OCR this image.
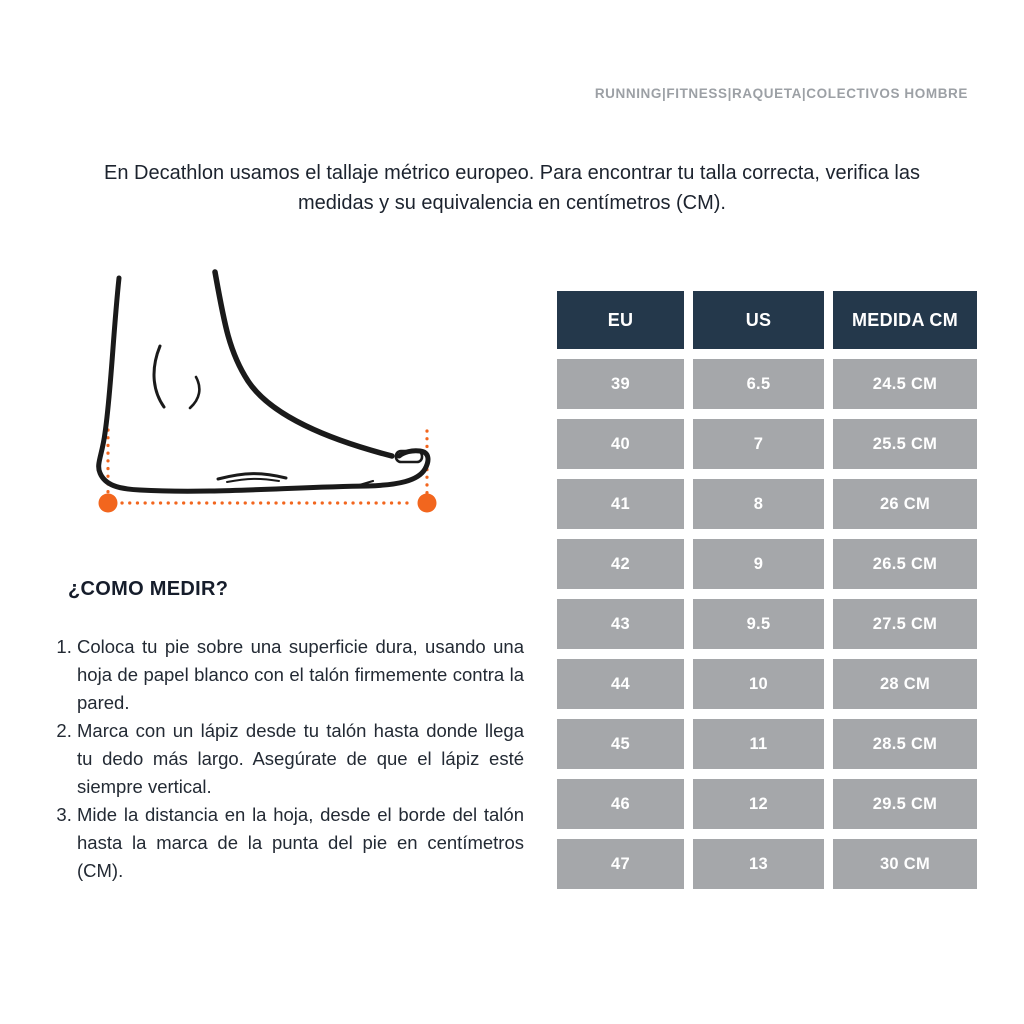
RUNNING|FITNESS|RAQUETA|COLECTIVOS HOMBRE

En Decathlon usamos el tallaje métrico europeo. Para encontrar tu talla correcta, verifica las medidas y su equivalencia en centímetros (CM).

¿COMO MEDIR?
1. Coloca tu pie sobre una superficie dura, usando una hoja de papel blanco con el talón firmemente contra la pared.
2. Marca con un lápiz desde tu talón hasta donde llega tu dedo más largo. Asegúrate de que el lápiz esté siempre vertical.
3. Mide la distancia en la hoja, desde el borde del talón hasta la marca de la punta del pie en centímetros (CM).
EU	US	MEDIDA CM
39	6.5	24.5 CM
40	7	25.5 CM
41	8	26 CM
42	9	26.5 CM
43	9.5	27.5 CM
44	10	28 CM
45	11	28.5 CM
46	12	29.5 CM
47	13	30 CM
